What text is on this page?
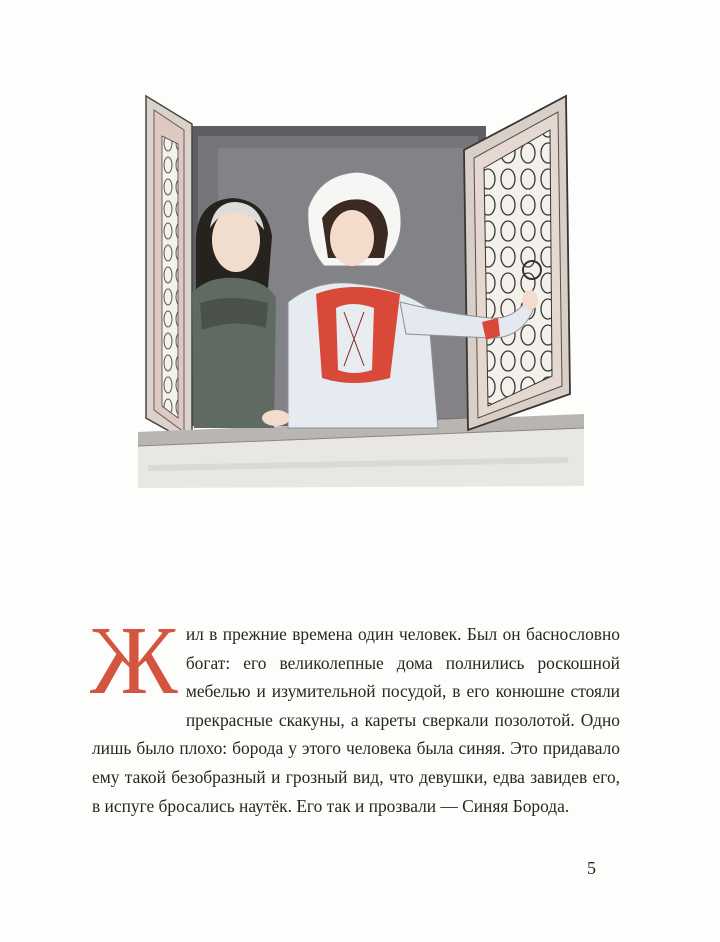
Ж ил в прежние времена один человек. Был он баснословно богат: его великолепные дома полнились роскошной мебелью и изумительной посудой, в его конюшне стояли прекрасные скакуны, а кареты сверкали позолотой. Одно лишь было плохо: борода у этого человека была синяя. Это придавало ему такой безобразный и грозный вид, что девушки, едва завидев его, в испуге бросались наутёк. Его так и прозвали — Синяя Борода.

5
